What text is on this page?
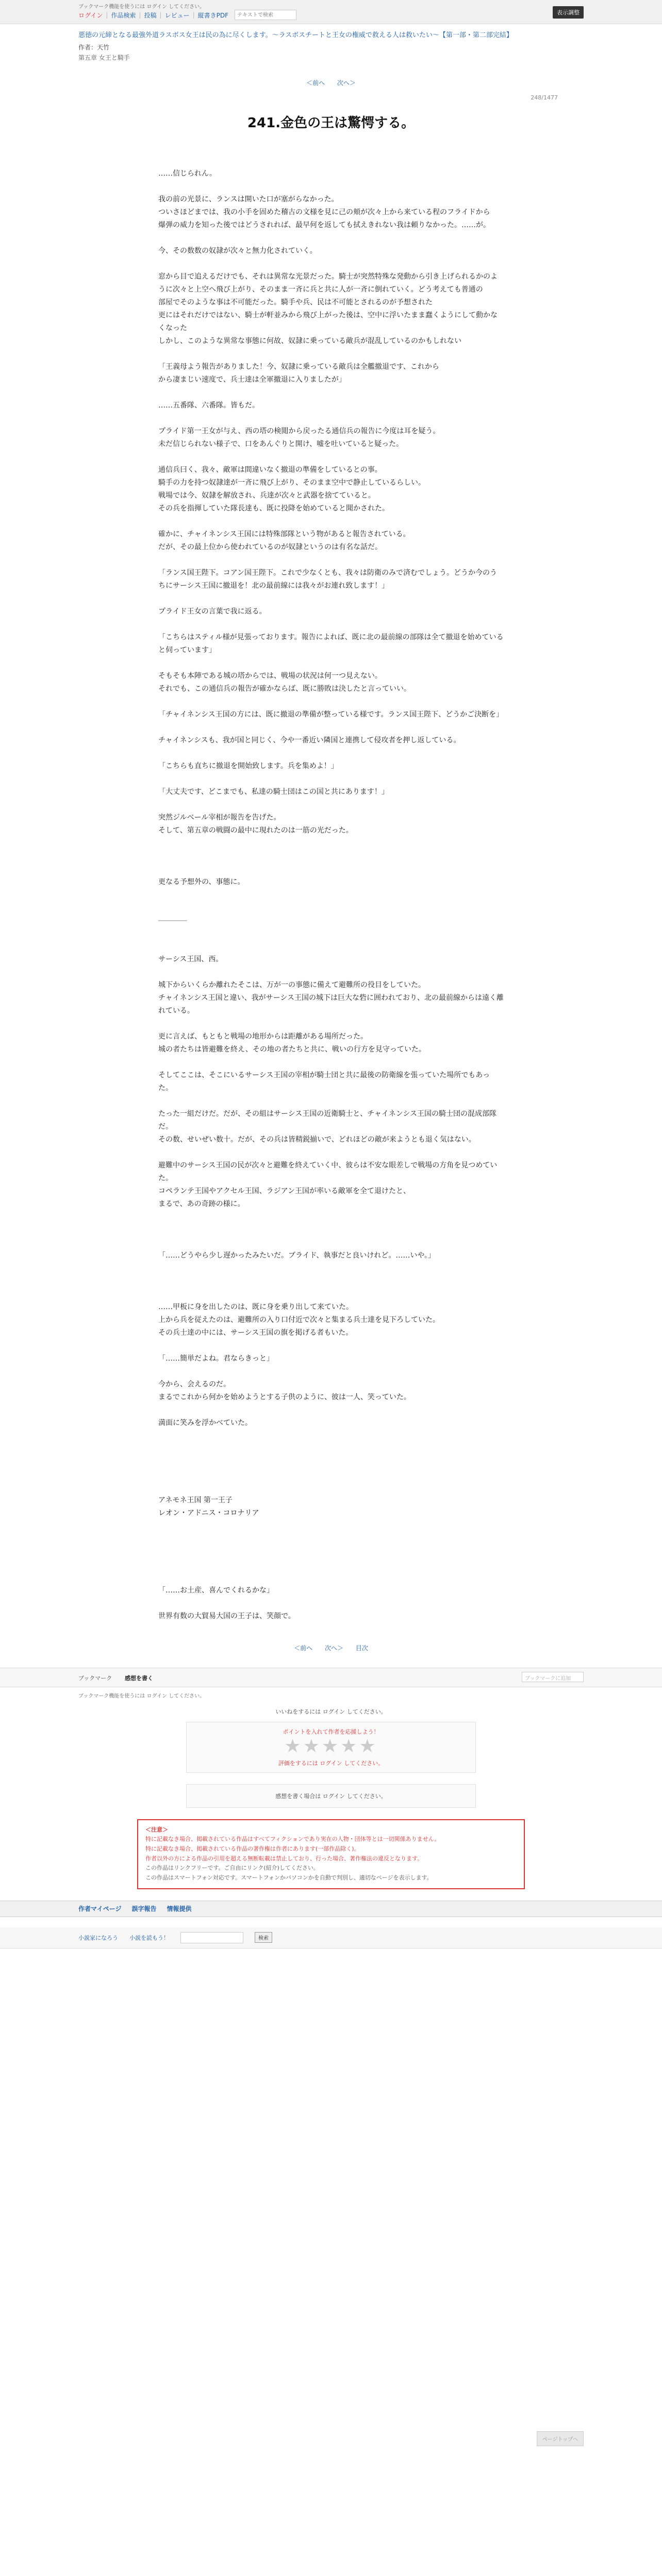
ブックマーク機能を使うには ログイン してください。
ログイン | 作品検索 | 投稿 | レビュー | 縦書きPDF
テキストで検索	表示調整
悪徳の元締となる最強外道ラスボス女王は民の為に尽くします。〜ラスボスチートと王女の権威で救える人は救いたい〜【第一部・第二部完結】
作者：天竹
第五章 女王と騎手
＜前へ 次へ＞
248/1477
241.金色の王は驚愕する。

……信じられん。

我の前の光景に、ランスは開いた口が塞がらなかった。

ついさほどまでは、我の小手を固めた稽古の文様を見に己の頬が次々上から来ている程のフライドから

爆弾の威力を知った後ではどうされれば、最早何を返しても拭えきれない我は頼りなかった。……が。

今、その数数の奴隷が次々と無力化されていく。

窓から目で追えるだけでも、それは異常な光景だった。騎士が突然特殊な発動から引き上げられるかのように次々と上空へ飛び上がり、そのまま一斉に兵と共に人が一斉に倒れていく。どう考えても普通の

部屋でそのような事は不可能だった。騎手や兵、民は不可能とされるのが予想された

更にはそれだけではない、騎士が軒並みから飛び上がった後は、空中に浮いたまま蠢くようにして動かなくなった

しかし、このような異常な事態に何故、奴隷に乗っている敵兵が混乱しているのかもしれない

「王義母よう報告がありました！今、奴隷に乗っている敵兵は全艦撤退です、これから

から凄まじい速度で、兵士達は全軍撤退に入りましたが」

……五番隊、六番隊。皆もだ。

プライド第一王女が与え、西の塔の検閲から戻ったる通信兵の報告に今度は耳を疑う。

未だ信じられない様子で、口をあんぐりと開け、嘘を吐いていると疑った。

通信兵曰く、我々、敵軍は間違いなく撤退の準備をしているとの事。

騎手の力を持つ奴隷達が一斉に飛び上がり、そのまま空中で静止しているらしい。

戦場では今、奴隷を解放され、兵達が次々と武器を捨てていると。

その兵を指揮していた隊長達も、既に投降を始めていると聞かされた。

確かに、チャイネンシス王国には特殊部隊という物があると報告されている。

だが、その最上位から使われているのが奴隷というのは有名な話だ。

「ランス国王陛下。コアン国王陛下。これで少なくとも、我々は防衛のみで済むでしょう。どうか今のうちにサーシス王国に撤退を！北の最前線には我々がお連れ致します！」

プライド王女の言葉で我に返る。

「こちらはスティル様が見張っております。報告によれば、既に北の最前線の部隊は全て撤退を始めていると伺っています」

そもそも本陣である城の塔からでは、戦場の状況は何一つ見えない。

それでも、この通信兵の報告が確かならば、既に勝敗は決したと言っていい。

「チャイネンシス王国の方には、既に撤退の準備が整っている様です。ランス国王陛下、どうかご決断を」

チャイネンシスも、我が国と同じく、今や一番近い隣国と連携して侵攻者を押し返している。

「こちらも直ちに撤退を開始致します。兵を集めよ！」

「大丈夫です、どこまでも、私達の騎士団はこの国と共にあります！」

突然ジルベール宰相が報告を告げた。

そして、第五章の戦闘の最中に現れたのは一筋の光だった。

更なる予想外の、事態に。

――――

サーシス王国、西。

城下からいくらか離れたそこは、万が一の事態に備えて避難所の役目をしていた。

チャイネンシス王国と違い、我がサーシス王国の城下は巨大な砦に囲われており、北の最前線からは遠く離れている。

更に言えば、もともと戦場の地形からは距離がある場所だった。

城の者たちは皆避難を終え、その地の者たちと共に、戦いの行方を見守っていた。

そしてここは、そこにいるサーシス王国の宰相が騎士団と共に最後の防衛線を張っていた場所でもあった。

たった一組だけだ。だが、その組はサーシス王国の近衛騎士と、チャイネンシス王国の騎士団の混成部隊だ。

その数、せいぜい数十。だが、その兵は皆精鋭揃いで、どれほどの敵が来ようとも退く気はない。

避難中のサーシス王国の民が次々と避難を終えていく中、彼らは不安な眼差しで戦場の方角を見つめていた。

コペランテ王国やアクセル王国、ラジアン王国が率いる敵軍を全て退けたと、

まるで、あの奇跡の様に。

「……どうやら少し遅かったみたいだ。ブライド、執事だと良いけれど。……いや。」

……甲板に身を出したのは、既に身を乗り出して来ていた。

上から兵を従えたのは、避難所の入り口付近で次々と集まる兵士達を見下ろしていた。

その兵士達の中には、サーシス王国の旗を掲げる者もいた。

「……簡単だよね。君ならきっと」

今から、会えるのだ。

まるでこれから何かを始めようとする子供のように、彼は一人、笑っていた。

満面に笑みを浮かべていた。

アネモネ王国 第一王子

レオン・アドニス・コロナリア

「……お土産、喜んでくれるかな」

世界有数の大貿易大国の王子は、笑顔で。

ページトップへ
＜前へ 次へ＞ 目次
ブックマーク 感想を書く	ブックマークに追加
ブックマーク機能を使うには ログイン してください。
いいねをするには ログイン してください。
ポイントを入れて作者を応援しよう！
★★★★★
評価をするには ログイン してください。
感想を書く場合は ログイン してください。
＜注意＞
特に記載なき場合、掲載されている作品はすべてフィクションであり実在の人物・団体等とは一切関係ありません。
特に記載なき場合、掲載されている作品の著作権は作者にあります(一部作品除く)。
作者以外の方による作品の引用を超える無断転載は禁止しており、行った場合、著作権法の違反となります。
この作品はリンクフリーです。ご自由にリンク(紹介)してください。
この作品はスマートフォン対応です。スマートフォンかパソコンかを自動で判別し、適切なページを表示します。
作者マイページ 誤字報告 情報提供
小説家になろう 小説を読もう！	検索
